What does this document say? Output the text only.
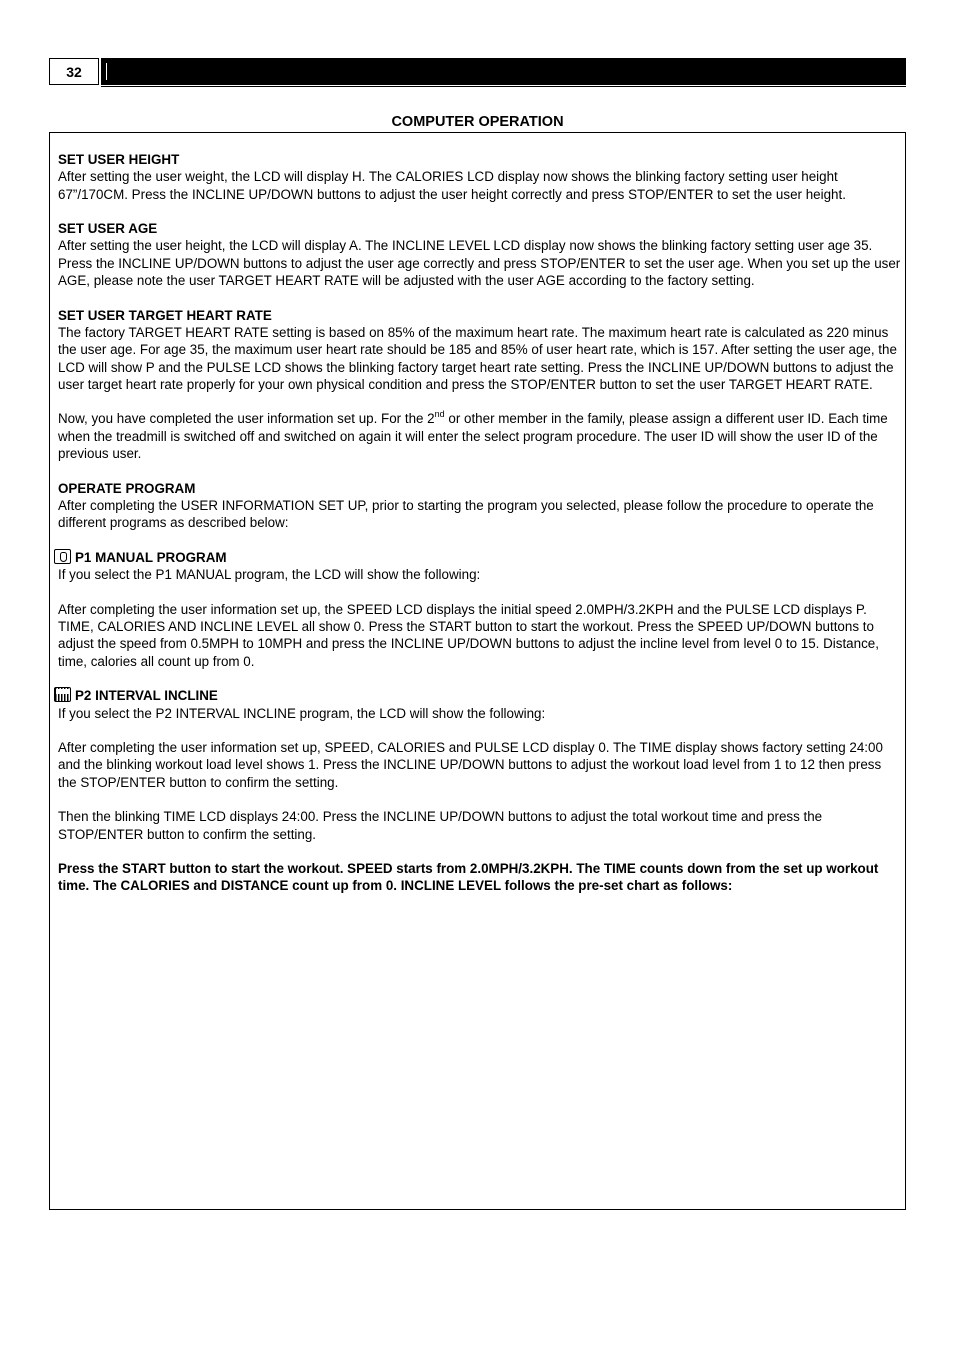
32
COMPUTER OPERATION

SET USER HEIGHT
After setting the user weight, the LCD will display H. The CALORIES LCD display now shows the blinking factory setting user height 67”/170CM. Press the INCLINE UP/DOWN buttons to adjust the user height correctly and press STOP/ENTER to set the user height.

SET USER AGE
After setting the user height, the LCD will display A. The INCLINE LEVEL LCD display now shows the blinking factory setting user age 35. Press the INCLINE UP/DOWN buttons to adjust the user age correctly and press STOP/ENTER to set the user age. When you set up the user AGE, please note the user TARGET HEART RATE will be adjusted with the user AGE according to the factory setting.

SET USER TARGET HEART RATE
The factory TARGET HEART RATE setting is based on 85% of the maximum heart rate. The maximum heart rate is calculated as 220 minus the user age. For age 35, the maximum user heart rate should be 185 and 85% of user heart rate, which is 157. After setting the user age, the LCD will show P and the PULSE LCD shows the blinking factory target heart rate setting. Press the INCLINE UP/DOWN buttons to adjust the user target heart rate properly for your own physical condition and press the STOP/ENTER button to set the user TARGET HEART RATE.

Now, you have completed the user information set up. For the 2nd or other member in the family, please assign a different user ID. Each time when the treadmill is switched off and switched on again it will enter the select program procedure. The user ID will show the user ID of the previous user.

OPERATE PROGRAM
After completing the USER INFORMATION SET UP, prior to starting the program you selected, please follow the procedure to operate the different programs as described below:

P1 MANUAL PROGRAM
If you select the P1 MANUAL program, the LCD will show the following:

After completing the user information set up, the SPEED LCD displays the initial speed 2.0MPH/3.2KPH and the PULSE LCD displays P. TIME, CALORIES AND INCLINE LEVEL all show 0. Press the START button to start the workout. Press the SPEED UP/DOWN buttons to adjust the speed from 0.5MPH to 10MPH and press the INCLINE UP/DOWN buttons to adjust the incline level from level 0 to 15. Distance, time, calories all count up from 0.

P2 INTERVAL INCLINE
If you select the P2 INTERVAL INCLINE program, the LCD will show the following:

After completing the user information set up, SPEED, CALORIES and PULSE LCD display 0. The TIME display shows factory setting 24:00 and the blinking workout load level shows 1. Press the INCLINE UP/DOWN buttons to adjust the workout load level from 1 to 12 then press the STOP/ENTER button to confirm the setting.

Then the blinking TIME LCD displays 24:00. Press the INCLINE UP/DOWN buttons to adjust the total workout time and press the STOP/ENTER button to confirm the setting.

Press the START button to start the workout. SPEED starts from 2.0MPH/3.2KPH. The TIME counts down from the set up workout time. The CALORIES and DISTANCE count up from 0. INCLINE LEVEL follows the pre-set chart as follows:
